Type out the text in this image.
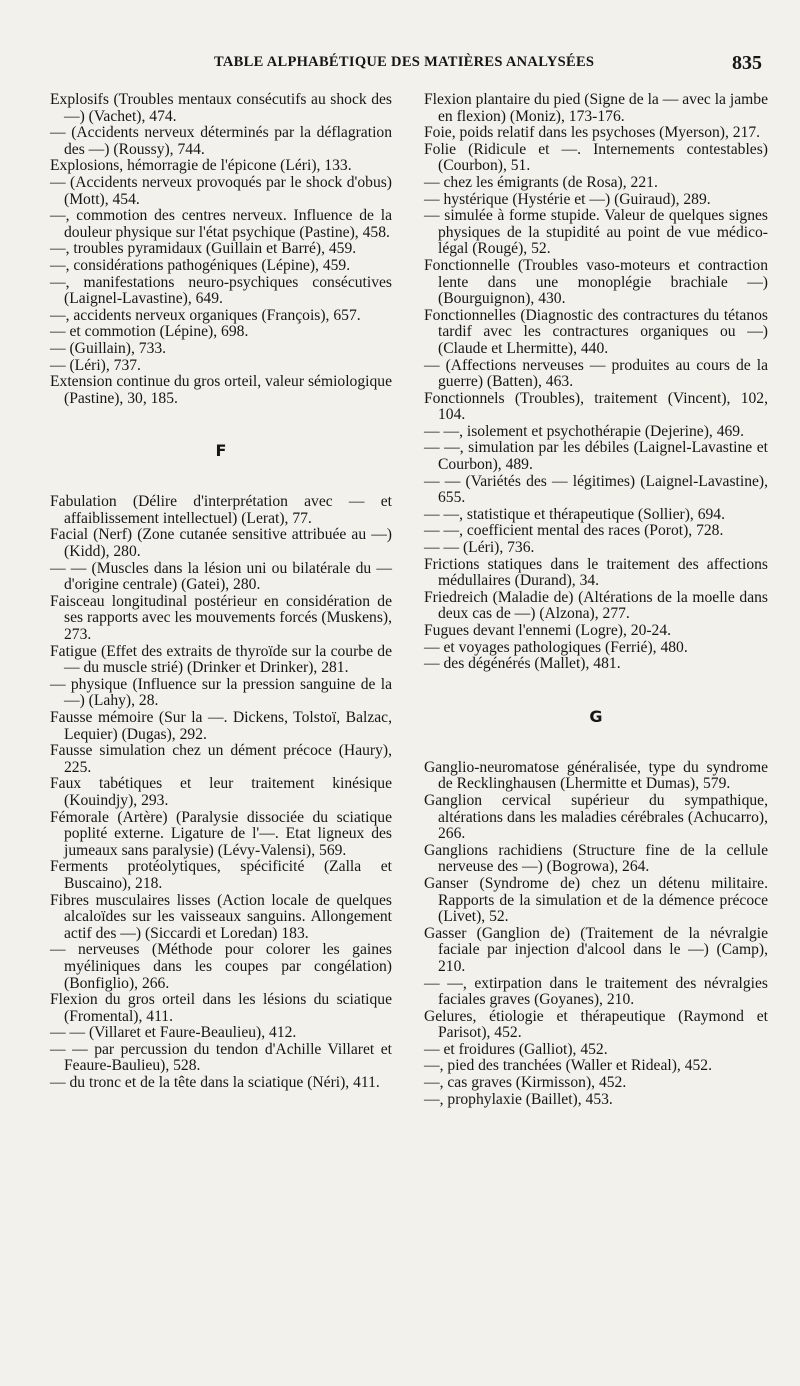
TABLE ALPHABÉTIQUE DES MATIÈRES ANALYSÉES	835

Explosifs (Troubles mentaux consécutifs au shock des —) (Vachet), 474.

— (Accidents nerveux déterminés par la déflagration des —) (Roussy), 744.

Explosions, hémorragie de l'épicone (Léri), 133.

— (Accidents nerveux provoqués par le shock d'obus) (Mott), 454.

—, commotion des centres nerveux. Influence de la douleur physique sur l'état psychique (Pastine), 458.

—, troubles pyramidaux (Guillain et Barré), 459.

—, considérations pathogéniques (Lépine), 459.

—, manifestations neuro-psychiques consécutives (Laignel-Lavastine), 649.

—, accidents nerveux organiques (François), 657.

— et commotion (Lépine), 698.

— (Guillain), 733.

— (Léri), 737.

Extension continue du gros orteil, valeur sémiologique (Pastine), 30, 185.

F

Fabulation (Délire d'interprétation avec — et affaiblissement intellectuel) (Lerat), 77.

Facial (Nerf) (Zone cutanée sensitive attribuée au —) (Kidd), 280.

— — (Muscles dans la lésion uni ou bilatérale du — d'origine centrale) (Gatei), 280.

Faisceau longitudinal postérieur en considération de ses rapports avec les mouvements forcés (Muskens), 273.

Fatigue (Effet des extraits de thyroïde sur la courbe de — du muscle strié) (Drinker et Drinker), 281.

— physique (Influence sur la pression sanguine de la —) (Lahy), 28.

Fausse mémoire (Sur la —. Dickens, Tolstoï, Balzac, Lequier) (Dugas), 292.

Fausse simulation chez un dément précoce (Haury), 225.

Faux tabétiques et leur traitement kinésique (Kouindjy), 293.

Fémorale (Artère) (Paralysie dissociée du sciatique poplité externe. Ligature de l'—. Etat ligneux des jumeaux sans paralysie) (Lévy-Valensi), 569.

Ferments protéolytiques, spécificité (Zalla et Buscaino), 218.

Fibres musculaires lisses (Action locale de quelques alcaloïdes sur les vaisseaux sanguins. Allongement actif des —) (Siccardi et Loredan) 183.

— nerveuses (Méthode pour colorer les gaines myéliniques dans les coupes par congélation) (Bonfiglio), 266.

Flexion du gros orteil dans les lésions du sciatique (Fromental), 411.

— — (Villaret et Faure-Beaulieu), 412.

— — par percussion du tendon d'Achille Villaret et Feaure-Baulieu), 528.

— du tronc et de la tête dans la sciatique (Néri), 411.

Flexion plantaire du pied (Signe de la — avec la jambe en flexion) (Moniz), 173-176.

Foie, poids relatif dans les psychoses (Myerson), 217.

Folie (Ridicule et —. Internements contestables) (Courbon), 51.

— chez les émigrants (de Rosa), 221.

— hystérique (Hystérie et —) (Guiraud), 289.

— simulée à forme stupide. Valeur de quelques signes physiques de la stupidité au point de vue médico-légal (Rougé), 52.

Fonctionnelle (Troubles vaso-moteurs et contraction lente dans une monoplégie brachiale —) (Bourguignon), 430.

Fonctionnelles (Diagnostic des contractures du tétanos tardif avec les contractures organiques ou —) (Claude et Lhermitte), 440.

— (Affections nerveuses — produites au cours de la guerre) (Batten), 463.

Fonctionnels (Troubles), traitement (Vincent), 102, 104.

— —, isolement et psychothérapie (Dejerine), 469.

— —, simulation par les débiles (Laignel-Lavastine et Courbon), 489.

— — (Variétés des — légitimes) (Laignel-Lavastine), 655.

— —, statistique et thérapeutique (Sollier), 694.

— —, coefficient mental des races (Porot), 728.

— — (Léri), 736.

Frictions statiques dans le traitement des affections médullaires (Durand), 34.

Friedreich (Maladie de) (Altérations de la moelle dans deux cas de —) (Alzona), 277.

Fugues devant l'ennemi (Logre), 20-24.

— et voyages pathologiques (Ferrié), 480.

— des dégénérés (Mallet), 481.

G

Ganglio-neuromatose généralisée, type du syndrome de Recklinghausen (Lhermitte et Dumas), 579.

Ganglion cervical supérieur du sympathique, altérations dans les maladies cérébrales (Achucarro), 266.

Ganglions rachidiens (Structure fine de la cellule nerveuse des —) (Bogrowa), 264.

Ganser (Syndrome de) chez un détenu militaire. Rapports de la simulation et de la démence précoce (Livet), 52.

Gasser (Ganglion de) (Traitement de la névralgie faciale par injection d'alcool dans le —) (Camp), 210.

— —, extirpation dans le traitement des névralgies faciales graves (Goyanes), 210.

Gelures, étiologie et thérapeutique (Raymond et Parisot), 452.

— et froidures (Galliot), 452.

—, pied des tranchées (Waller et Rideal), 452.

—, cas graves (Kirmisson), 452.

—, prophylaxie (Baillet), 453.
